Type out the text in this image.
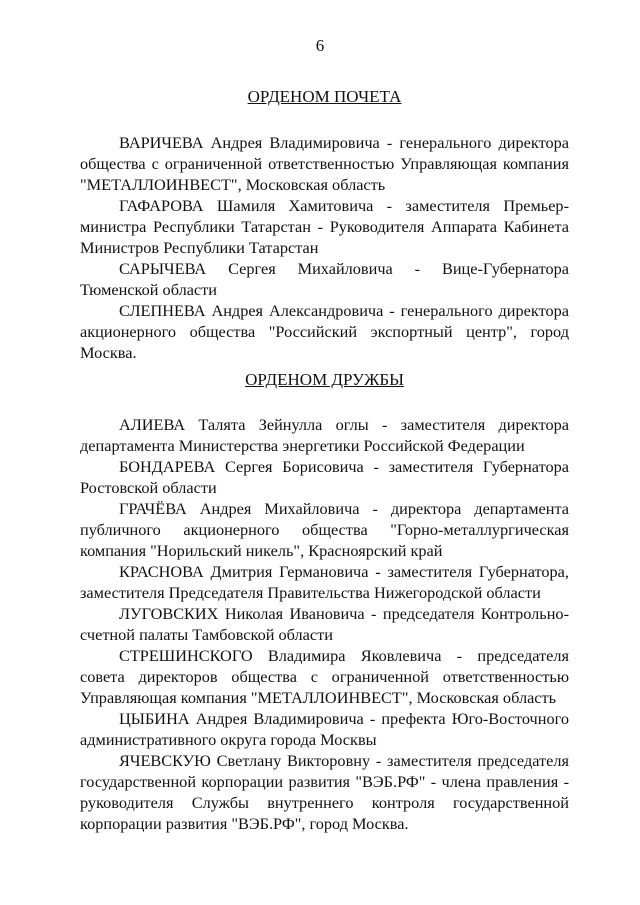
6

ОРДЕНОМ ПОЧЕТА

ВАРИЧЕВА Андрея Владимировича - генерального директора общества с ограниченной ответственностью Управляющая компания "МЕТАЛЛОИНВЕСТ", Московская область

ГАФАРОВА Шамиля Хамитовича - заместителя Премьер-министра Республики Татарстан - Руководителя Аппарата Кабинета Министров Республики Татарстан

САРЫЧЕВА Сергея Михайловича - Вице-Губернатора Тюменской области

СЛЕПНЕВА Андрея Александровича - генерального директора акционерного общества "Российский экспортный центр", город Москва.

ОРДЕНОМ ДРУЖБЫ

АЛИЕВА Талята Зейнулла оглы - заместителя директора департамента Министерства энергетики Российской Федерации

БОНДАРЕВА Сергея Борисовича - заместителя Губернатора Ростовской области

ГРАЧЁВА Андрея Михайловича - директора департамента публичного акционерного общества "Горно-металлургическая компания "Норильский никель", Красноярский край

КРАСНОВА Дмитрия Германовича - заместителя Губернатора, заместителя Председателя Правительства Нижегородской области

ЛУГОВСКИХ Николая Ивановича - председателя Контрольно-счетной палаты Тамбовской области

СТРЕШИНСКОГО Владимира Яковлевича - председателя совета директоров общества с ограниченной ответственностью Управляющая компания "МЕТАЛЛОИНВЕСТ", Московская область

ЦЫБИНА Андрея Владимировича - префекта Юго-Восточного административного округа города Москвы

ЯЧЕВСКУЮ Светлану Викторовну - заместителя председателя государственной корпорации развития "ВЭБ.РФ" - члена правления - руководителя Службы внутреннего контроля государственной корпорации развития "ВЭБ.РФ", город Москва.
